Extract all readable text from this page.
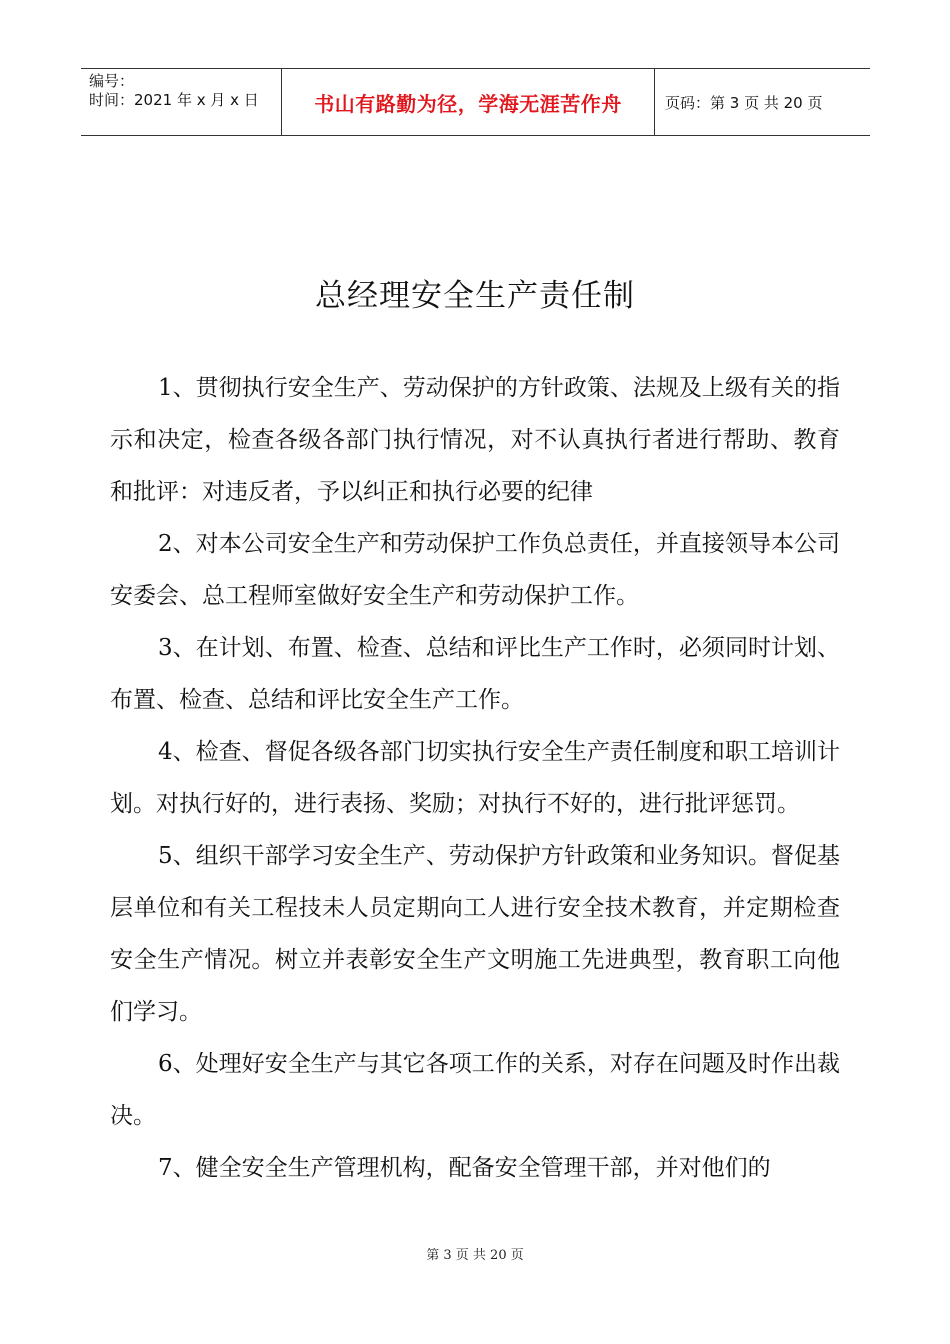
编号：
时间：2021 年 x 月 x 日	书山有路勤为径，学海无涯苦作舟	页码：第 3 页 共 20 页
总经理安全生产责任制

1、贯彻执行安全生产、劳动保护的方针政策、法规及上级有关的指示和决定，检查各级各部门执行情况，对不认真执行者进行帮助、教育和批评：对违反者，予以纠正和执行必要的纪律

2、对本公司安全生产和劳动保护工作负总责任，并直接领导本公司安委会、总工程师室做好安全生产和劳动保护工作。

3、在计划、布置、检查、总结和评比生产工作时，必须同时计划、布置、检查、总结和评比安全生产工作。

4、检查、督促各级各部门切实执行安全生产责任制度和职工培训计划。对执行好的，进行表扬、奖励；对执行不好的，进行批评惩罚。

5、组织干部学习安全生产、劳动保护方针政策和业务知识。督促基层单位和有关工程技未人员定期向工人进行安全技术教育，并定期检查安全生产情况。树立并表彰安全生产文明施工先进典型，教育职工向他们学习。

6、处理好安全生产与其它各项工作的关系，对存在问题及时作出裁决。

7、健全安全生产管理机构，配备安全管理干部，并对他们的

第 3 页 共 20 页
